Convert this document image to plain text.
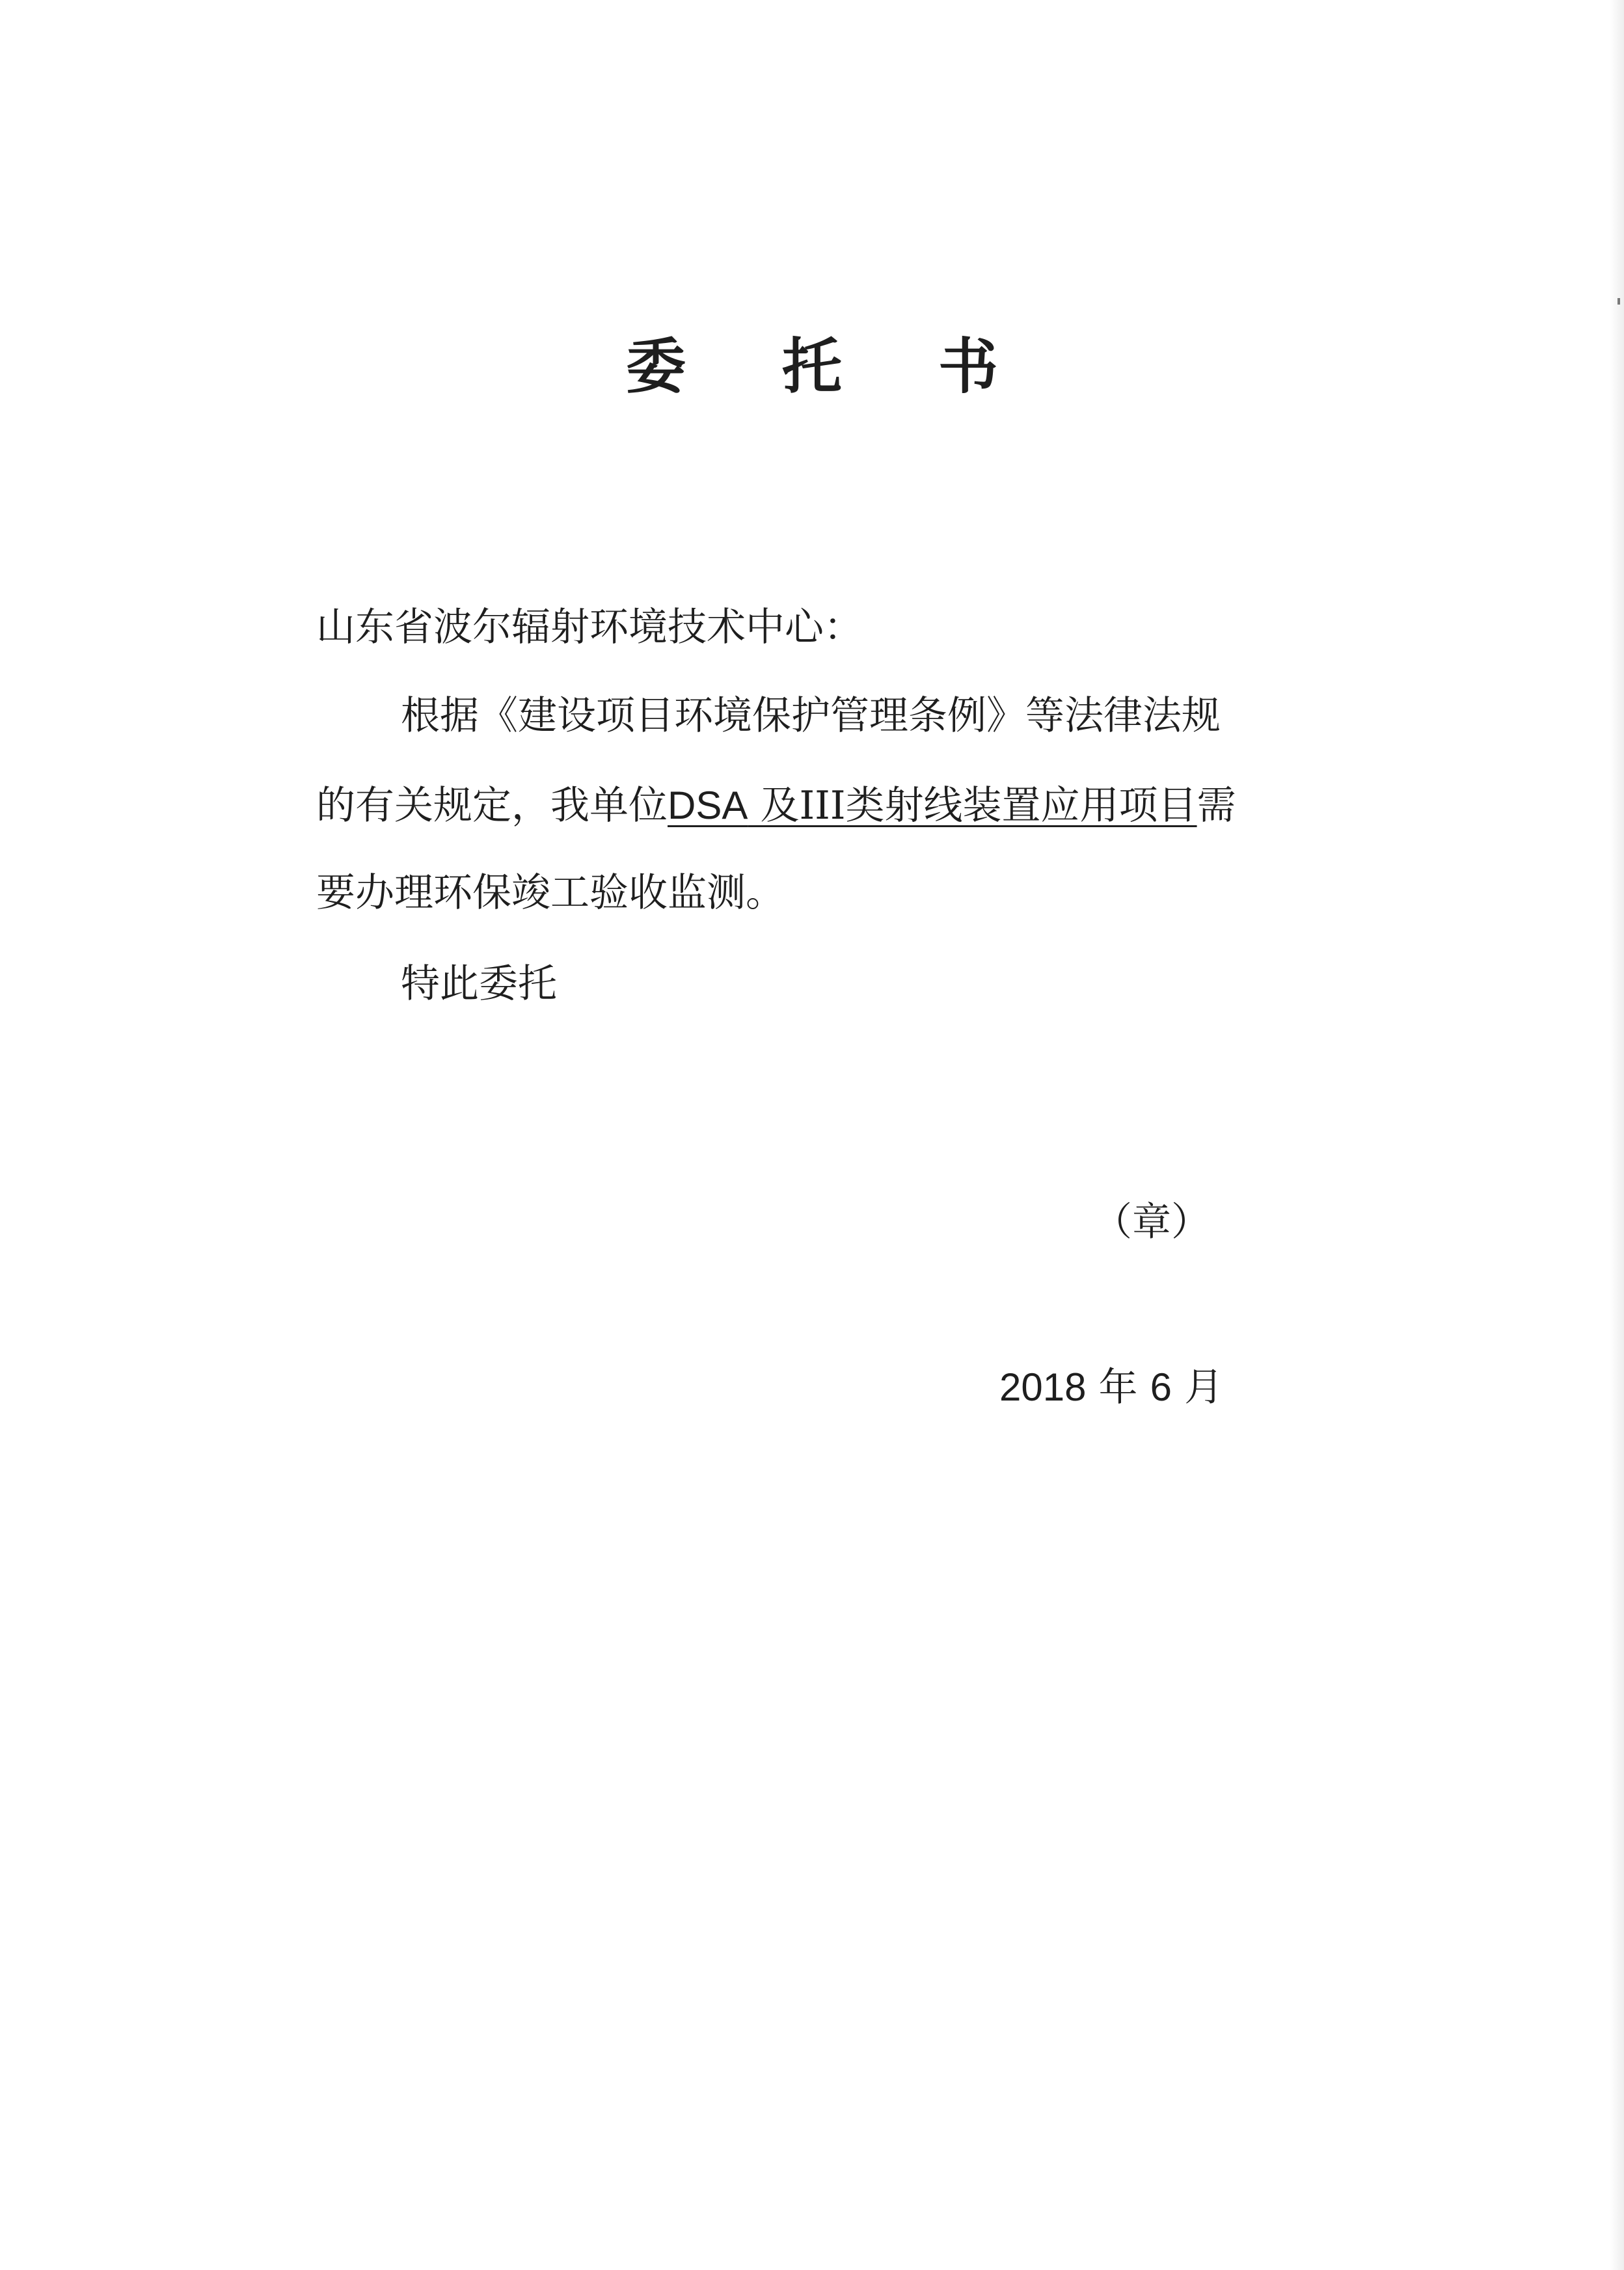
委 托 书
山东省波尔辐射环境技术中心：
根据《建设项目环境保护管理条例》等法律法规
的有关规定，我单位DSA 及III类射线装置应用项目需
要办理环保竣工验收监测。
特此委托
（章）
2018 年 6 月
